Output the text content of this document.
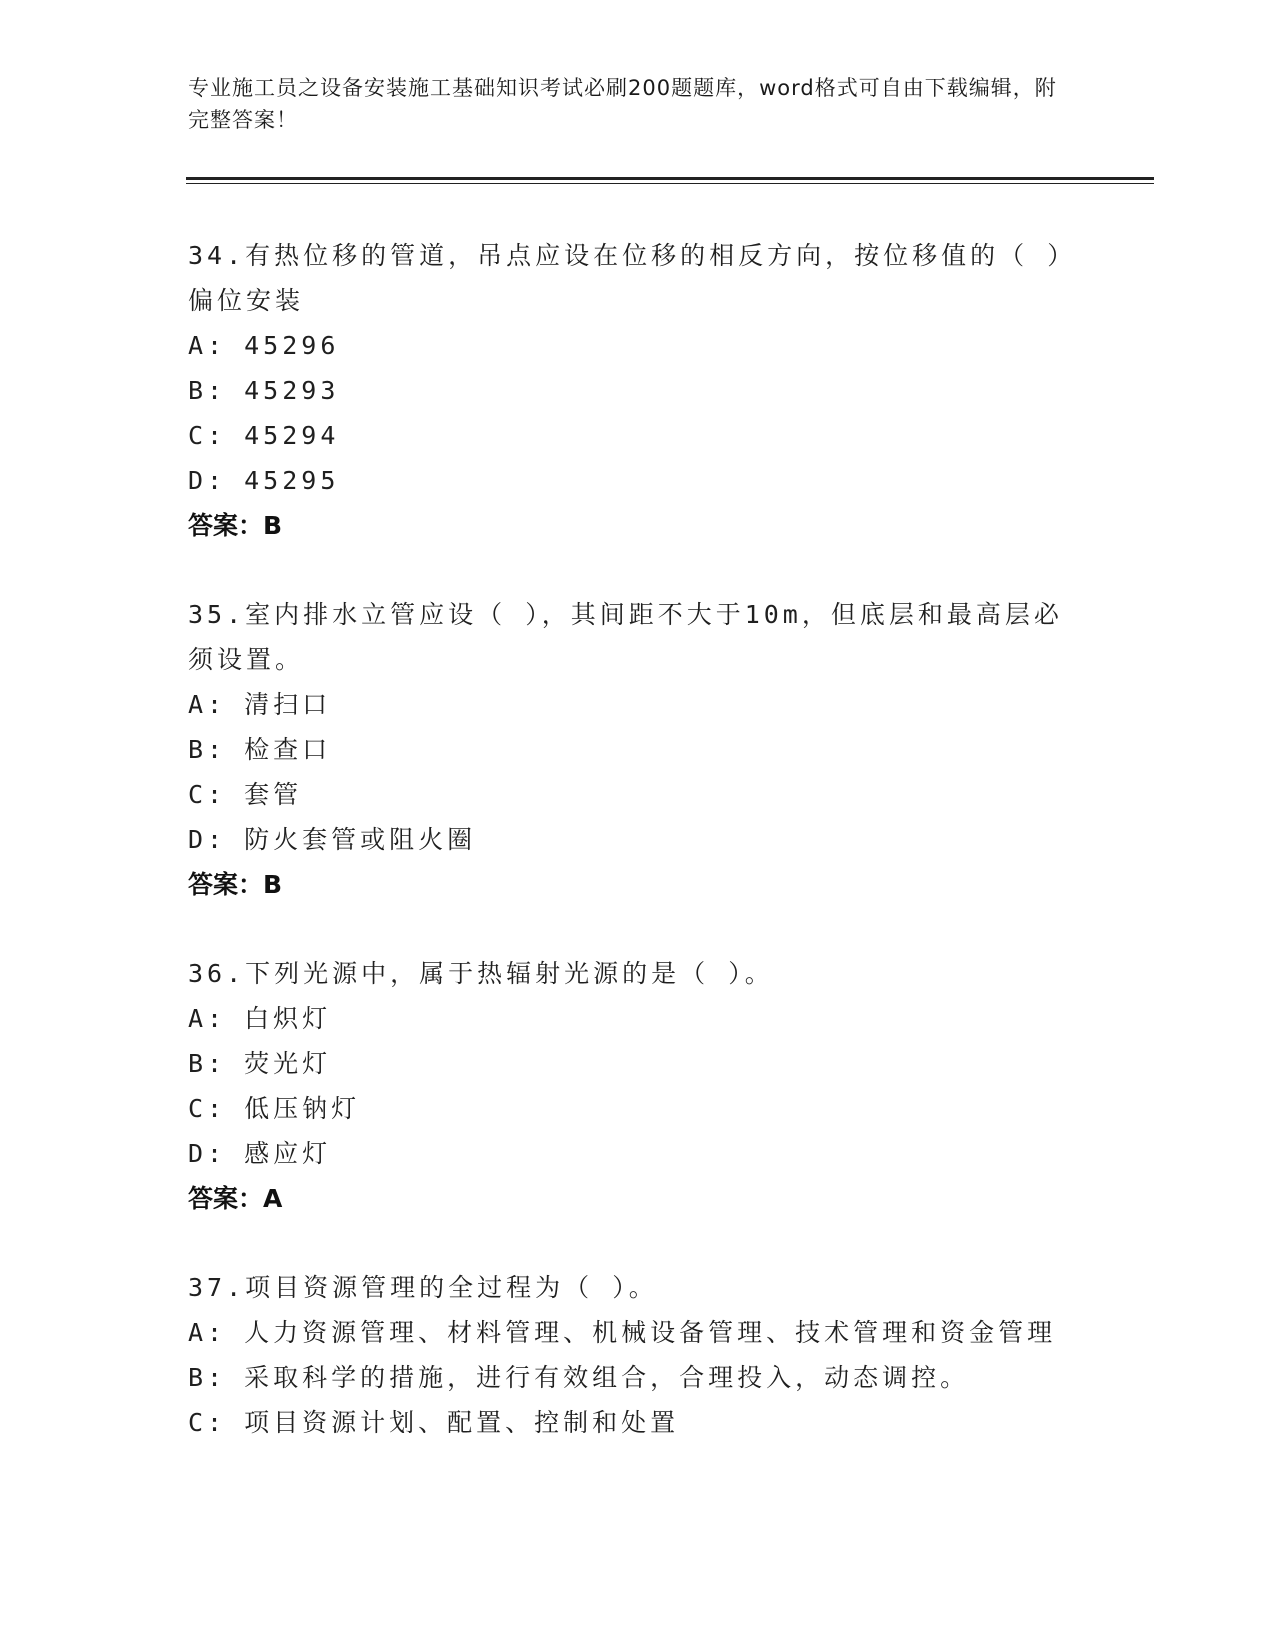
专业施工员之设备安装施工基础知识考试必刷200题题库，word格式可自由下载编辑，附完整答案！

34.有热位移的管道，吊点应设在位移的相反方向，按位移值的（ ）偏位安装

A: 45296

B: 45293

C: 45294

D: 45295

答案：B

35.室内排水立管应设（ ），其间距不大于10m，但底层和最高层必须设置。

A: 清扫口

B: 检查口

C: 套管

D: 防火套管或阻火圈

答案：B

36.下列光源中，属于热辐射光源的是（ ）。

A: 白炽灯

B: 荧光灯

C: 低压钠灯

D: 感应灯

答案：A

37.项目资源管理的全过程为（ ）。

A: 人力资源管理、材料管理、机械设备管理、技术管理和资金管理

B: 采取科学的措施，进行有效组合，合理投入，动态调控。

C: 项目资源计划、配置、控制和处置
